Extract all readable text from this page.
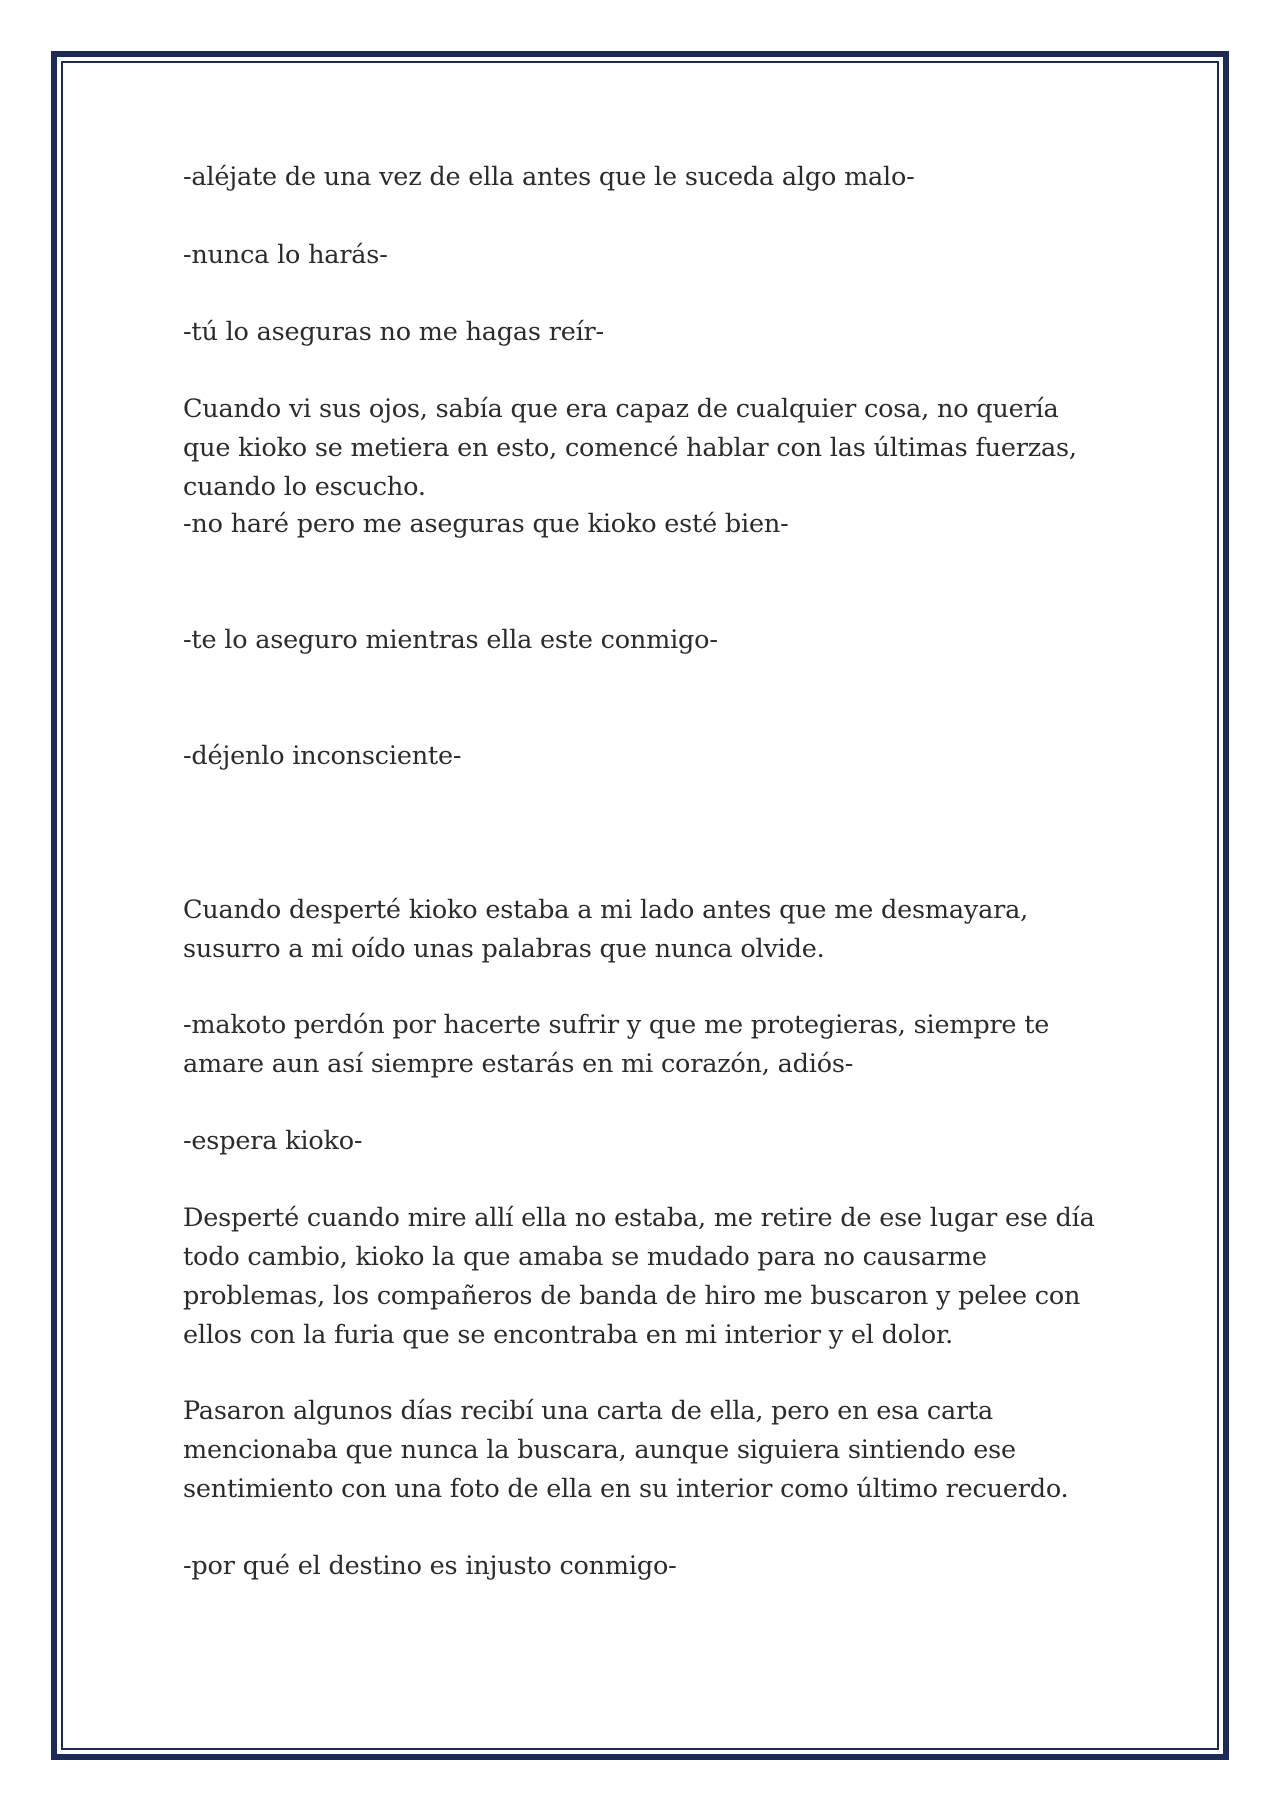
-aléjate de una vez de ella antes que le suceda algo malo-

-nunca lo harás-

-tú lo aseguras no me hagas reír-

Cuando vi sus ojos, sabía que era capaz de cualquier cosa, no quería que kioko se metiera en esto, comencé hablar con las últimas fuerzas, cuando lo escucho.

-no haré pero me aseguras que kioko esté bien-

-te lo aseguro mientras ella este conmigo-

-déjenlo inconsciente-

Cuando desperté kioko estaba a mi lado antes que me desmayara, susurro a mi oído unas palabras que nunca olvide.

-makoto perdón por hacerte sufrir y que me protegieras, siempre te amare aun así siempre estarás en mi corazón, adiós-

-espera kioko-

Desperté cuando mire allí ella no estaba, me retire de ese lugar ese día todo cambio, kioko la que amaba se mudado para no causarme problemas, los compañeros de banda de hiro me buscaron y pelee con ellos con la furia que se encontraba en mi interior y el dolor.

Pasaron algunos días recibí una carta de ella, pero en esa carta mencionaba que nunca la buscara, aunque siguiera sintiendo ese sentimiento con una foto de ella en su interior como último recuerdo.

-por qué el destino es injusto conmigo-
